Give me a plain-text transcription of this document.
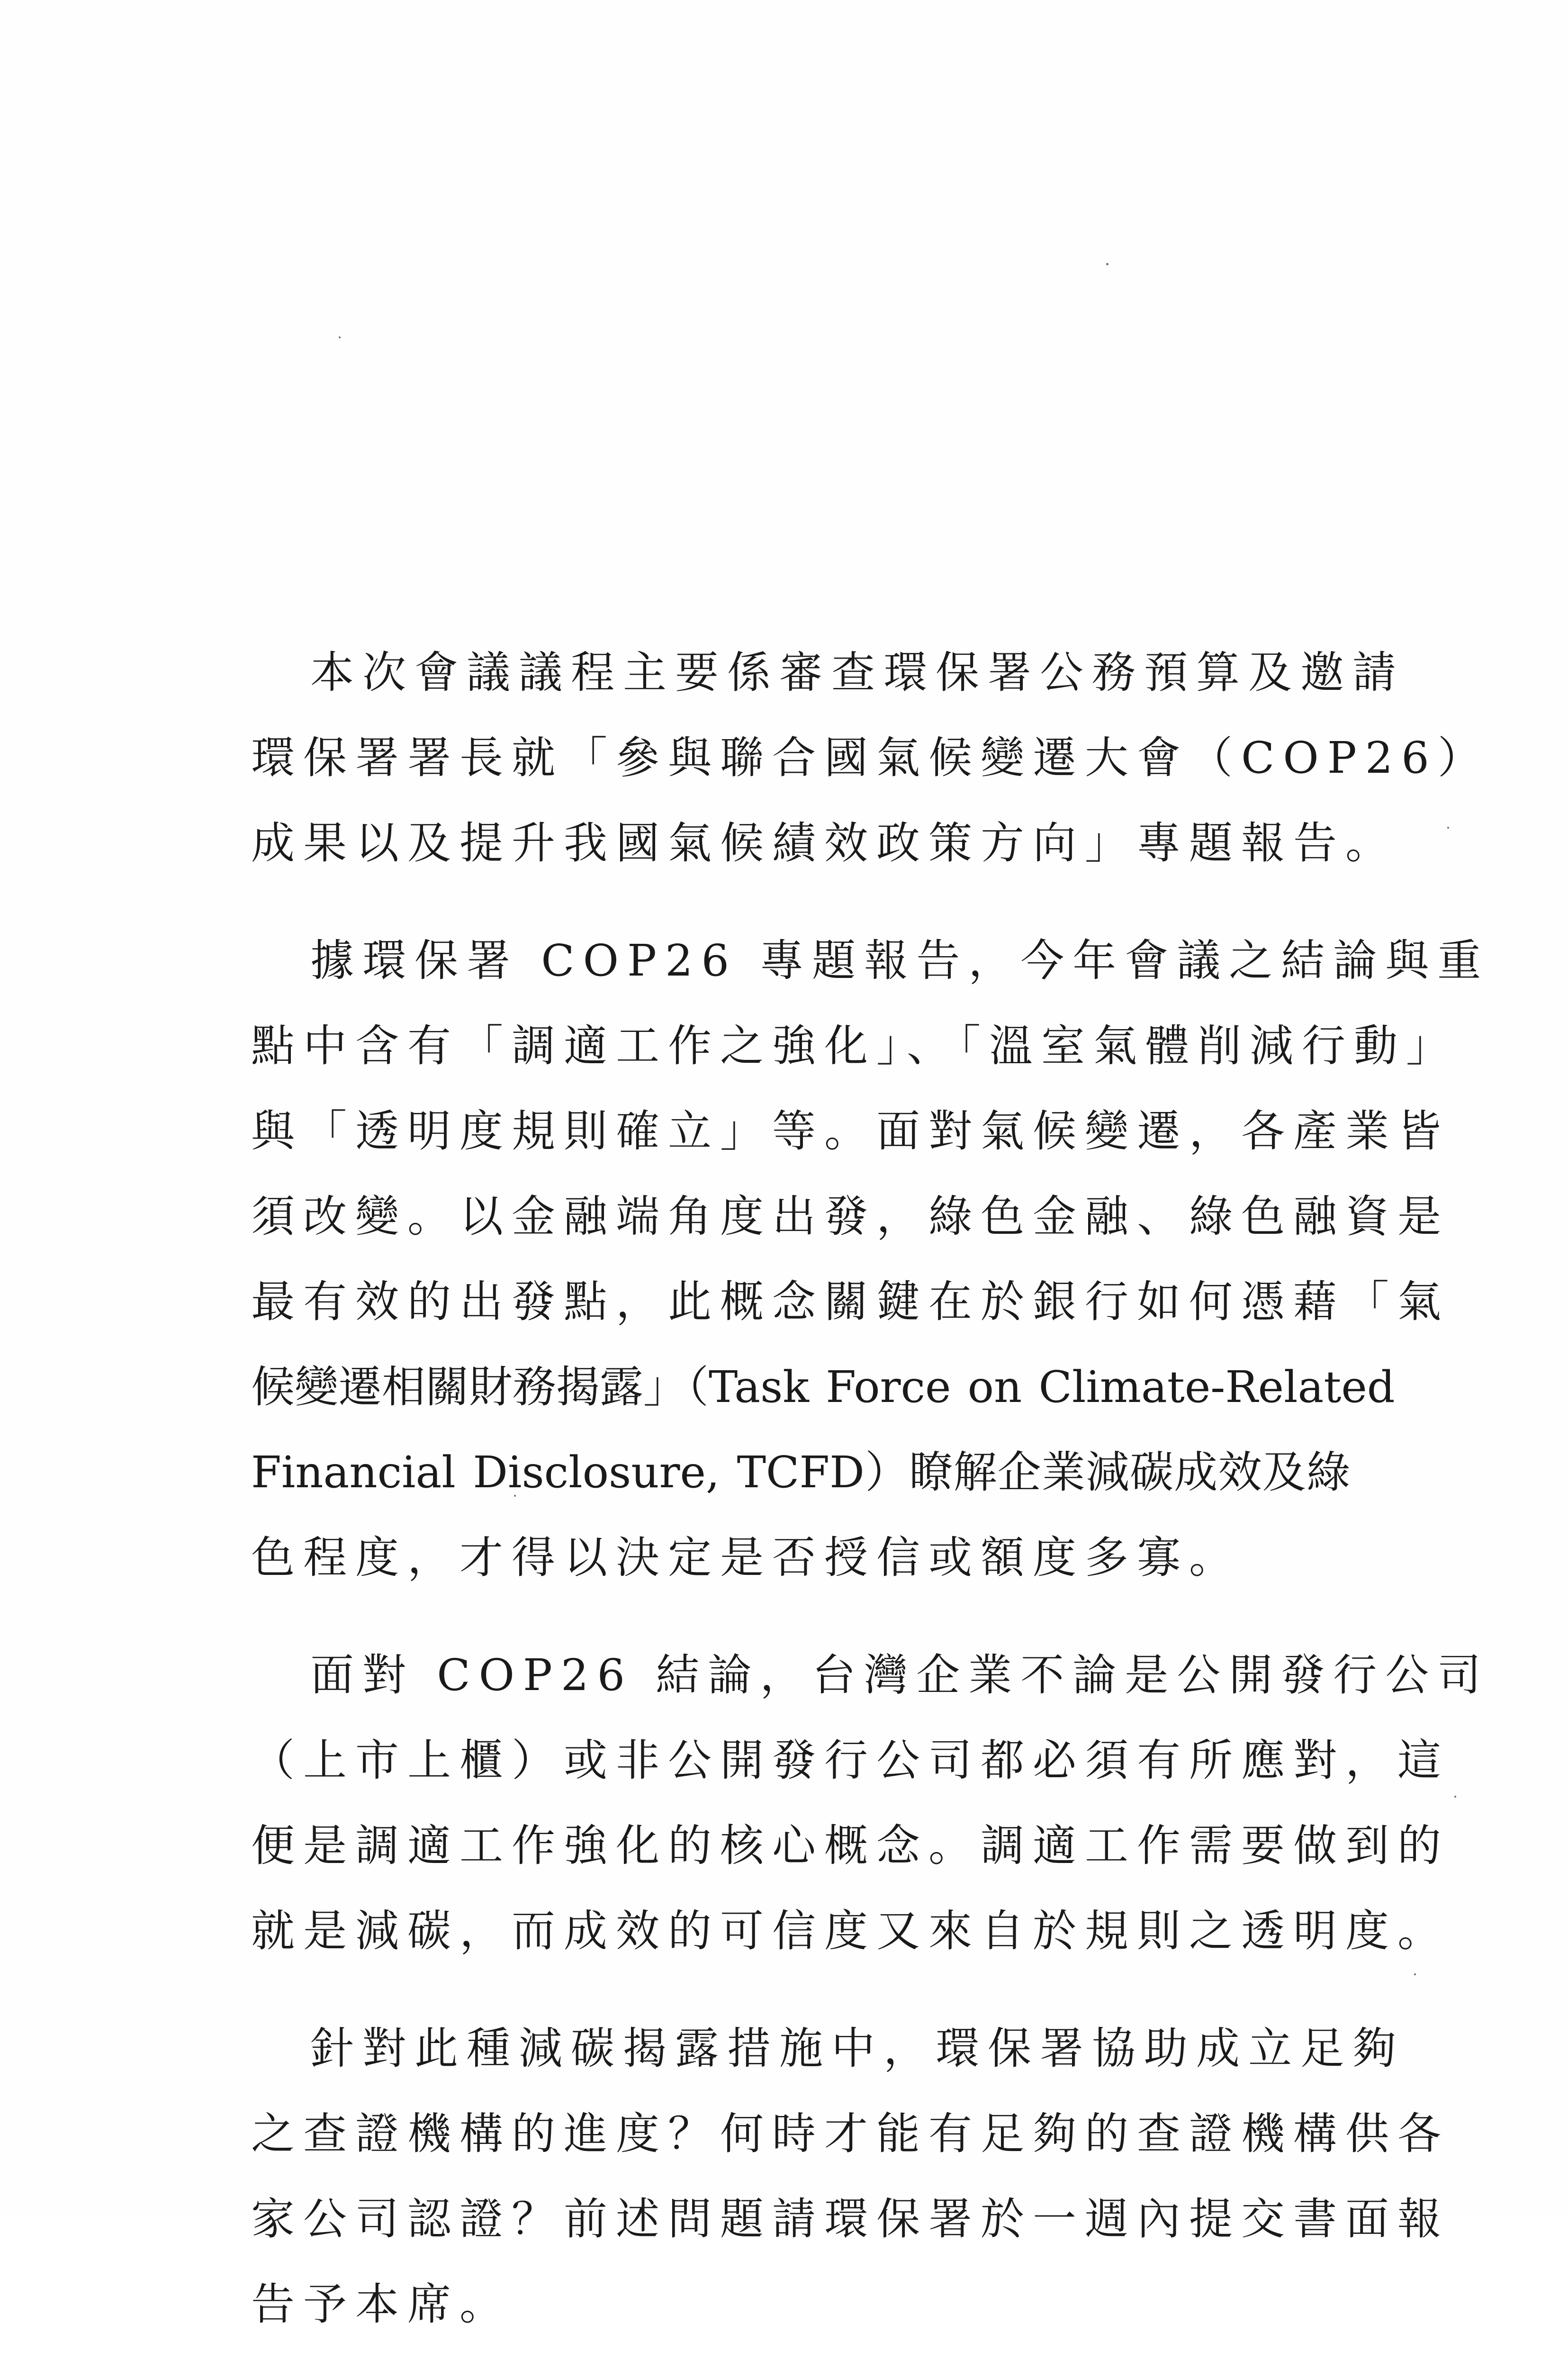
本次會議議程主要係審查環保署公務預算及邀請
環保署署長就「參與聯合國氣候變遷大會（COP26）
成果以及提升我國氣候績效政策方向」專題報告。
據環保署 COP26 專題報告，今年會議之結論與重
點中含有「調適工作之強化」、「溫室氣體削減行動」
與「透明度規則確立」等。面對氣候變遷，各產業皆
須改變。以金融端角度出發，綠色金融、綠色融資是
最有效的出發點，此概念關鍵在於銀行如何憑藉「氣
候變遷相關財務揭露」（Task Force on Climate-Related
Financial Disclosure, TCFD）瞭解企業減碳成效及綠
色程度，才得以決定是否授信或額度多寡。
面對 COP26 結論，台灣企業不論是公開發行公司
（上市上櫃）或非公開發行公司都必須有所應對，這
便是調適工作強化的核心概念。調適工作需要做到的
就是減碳，而成效的可信度又來自於規則之透明度。
針對此種減碳揭露措施中，環保署協助成立足夠
之查證機構的進度？何時才能有足夠的查證機構供各
家公司認證？前述問題請環保署於一週內提交書面報
告予本席。
